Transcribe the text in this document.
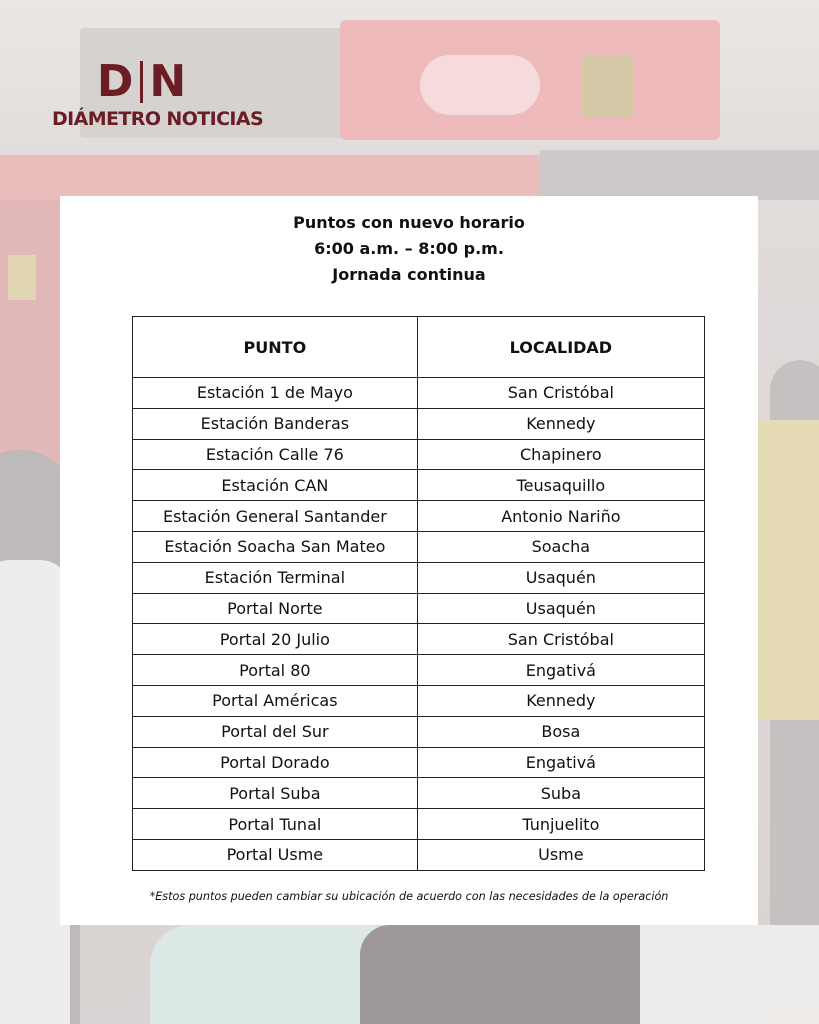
D N
DIÁMETRO NOTICIAS
Puntos con nuevo horario
6:00 a.m. – 8:00 p.m.
Jornada continua
PUNTO	LOCALIDAD
Estación 1 de Mayo	San Cristóbal
Estación Banderas	Kennedy
Estación Calle 76	Chapinero
Estación CAN	Teusaquillo
Estación General Santander	Antonio Nariño
Estación Soacha San Mateo	Soacha
Estación Terminal	Usaquén
Portal Norte	Usaquén
Portal 20 Julio	San Cristóbal
Portal 80	Engativá
Portal Américas	Kennedy
Portal del Sur	Bosa
Portal Dorado	Engativá
Portal Suba	Suba
Portal Tunal	Tunjuelito
Portal Usme	Usme
*Estos puntos pueden cambiar su ubicación de acuerdo con las necesidades de la operación
